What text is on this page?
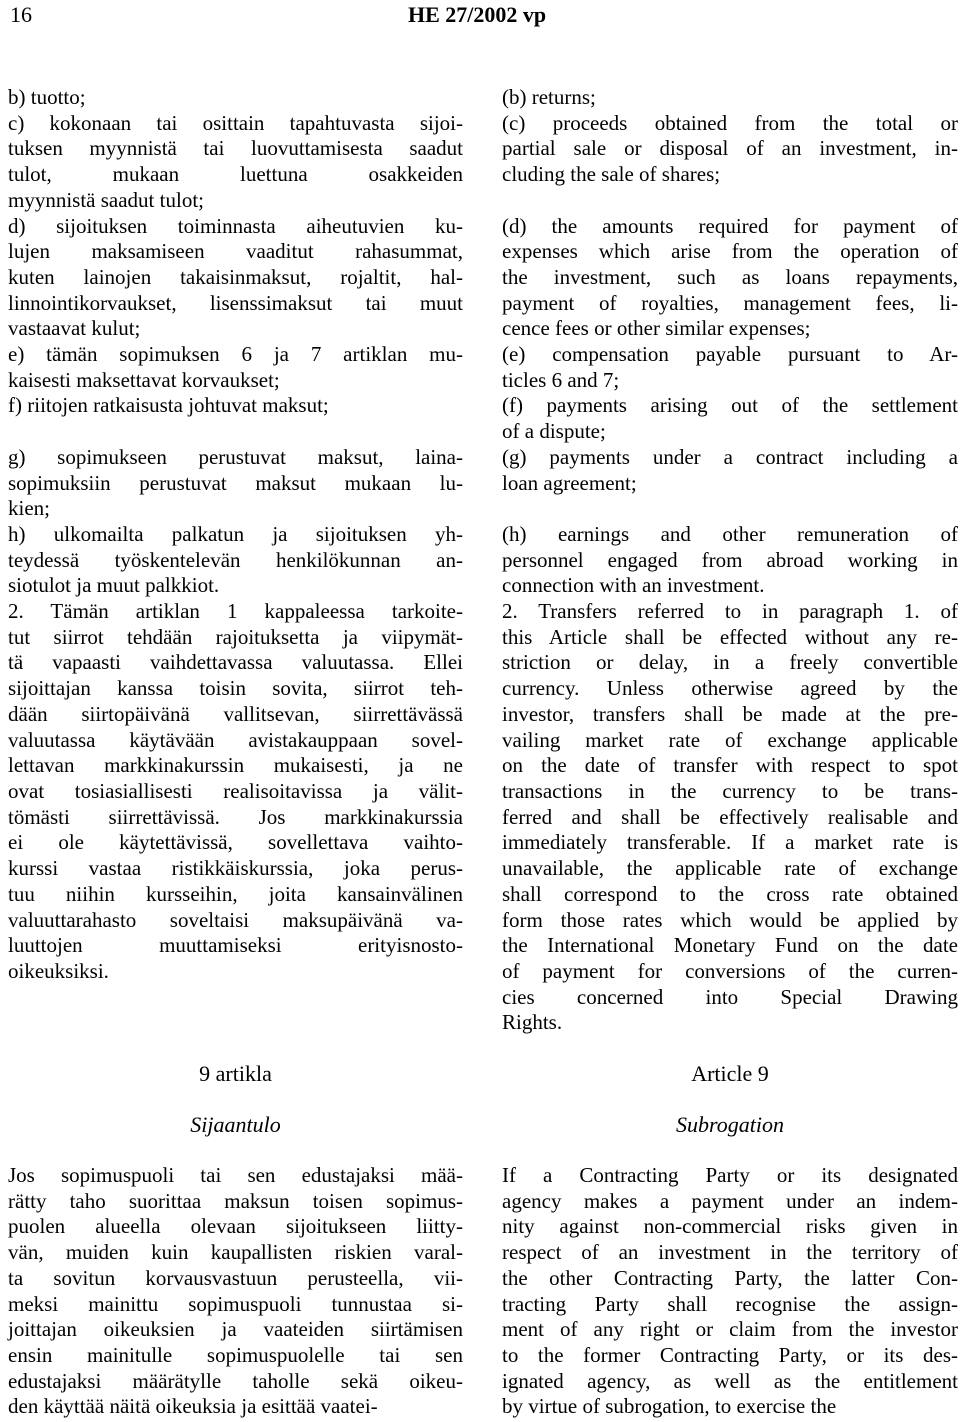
16	HE 27/2002 vp
b) tuotto;
c) kokonaan tai osittain tapahtuvasta sijoi-
tuksen myynnistä tai luovuttamisesta saadut
tulot, mukaan luettuna osakkeiden
myynnistä saadut tulot;
d) sijoituksen toiminnasta aiheutuvien ku-
lujen maksamiseen vaaditut rahasummat,
kuten lainojen takaisinmaksut, rojaltit, hal-
linnointikorvaukset, lisenssimaksut tai muut
vastaavat kulut;
e) tämän sopimuksen 6 ja 7 artiklan mu-
kaisesti maksettavat korvaukset;
f) riitojen ratkaisusta johtuvat maksut;

g) sopimukseen perustuvat maksut, laina-
sopimuksiin perustuvat maksut mukaan lu-
kien;
h) ulkomailta palkatun ja sijoituksen yh-
teydessä työskentelevän henkilökunnan an-
siotulot ja muut palkkiot.
2. Tämän artiklan 1 kappaleessa tarkoite-
tut siirrot tehdään rajoituksetta ja viipymät-
tä vapaasti vaihdettavassa valuutassa. Ellei
sijoittajan kanssa toisin sovita, siirrot teh-
dään siirtopäivänä vallitsevan, siirrettävässä
valuutassa käytävään avistakauppaan sovel-
lettavan markkinakurssin mukaisesti, ja ne
ovat tosiasiallisesti realisoitavissa ja välit-
tömästi siirrettävissä. Jos markkinakurssia
ei ole käytettävissä, sovellettava vaihto-
kurssi vastaa ristikkäiskurssia, joka perus-
tuu niihin kursseihin, joita kansainvälinen
valuuttarahasto soveltaisi maksupäivänä va-
luuttojen muuttamiseksi erityisnosto-
oikeuksiksi.
(b) returns;
(c) proceeds obtained from the total or
partial sale or disposal of an investment, in-
cluding the sale of shares;

(d) the amounts required for payment of
expenses which arise from the operation of
the investment, such as loans repayments,
payment of royalties, management fees, li-
cence fees or other similar expenses;
(e) compensation payable pursuant to Ar-
ticles 6 and 7;
(f) payments arising out of the settlement
of a dispute;
(g) payments under a contract including a
loan agreement;

(h) earnings and other remuneration of
personnel engaged from abroad working in
connection with an investment.
2. Transfers referred to in paragraph 1. of
this Article shall be effected without any re-
striction or delay, in a freely convertible
currency. Unless otherwise agreed by the
investor, transfers shall be made at the pre-
vailing market rate of exchange applicable
on the date of transfer with respect to spot
transactions in the currency to be trans-
ferred and shall be effectively realisable and
immediately transferable. If a market rate is
unavailable, the applicable rate of exchange
shall correspond to the cross rate obtained
form those rates which would be applied by
the International Monetary Fund on the date
of payment for conversions of the curren-
cies concerned into Special Drawing
Rights.
9 artikla	Article 9
Sijaantulo	Subrogation
Jos sopimuspuoli tai sen edustajaksi mää-
rätty taho suorittaa maksun toisen sopimus-
puolen alueella olevaan sijoitukseen liitty-
vän, muiden kuin kaupallisten riskien varal-
ta sovitun korvausvastuun perusteella, vii-
meksi mainittu sopimuspuoli tunnustaa si-
joittajan oikeuksien ja vaateiden siirtämisen
ensin mainitulle sopimuspuolelle tai sen
edustajaksi määrätylle taholle sekä oikeu-
den käyttää näitä oikeuksia ja esittää vaatei-
If a Contracting Party or its designated
agency makes a payment under an indem-
nity against non-commercial risks given in
respect of an investment in the territory of
the other Contracting Party, the latter Con-
tracting Party shall recognise the assign-
ment of any right or claim from the investor
to the former Contracting Party, or its des-
ignated agency, as well as the entitlement
by virtue of subrogation, to exercise the
